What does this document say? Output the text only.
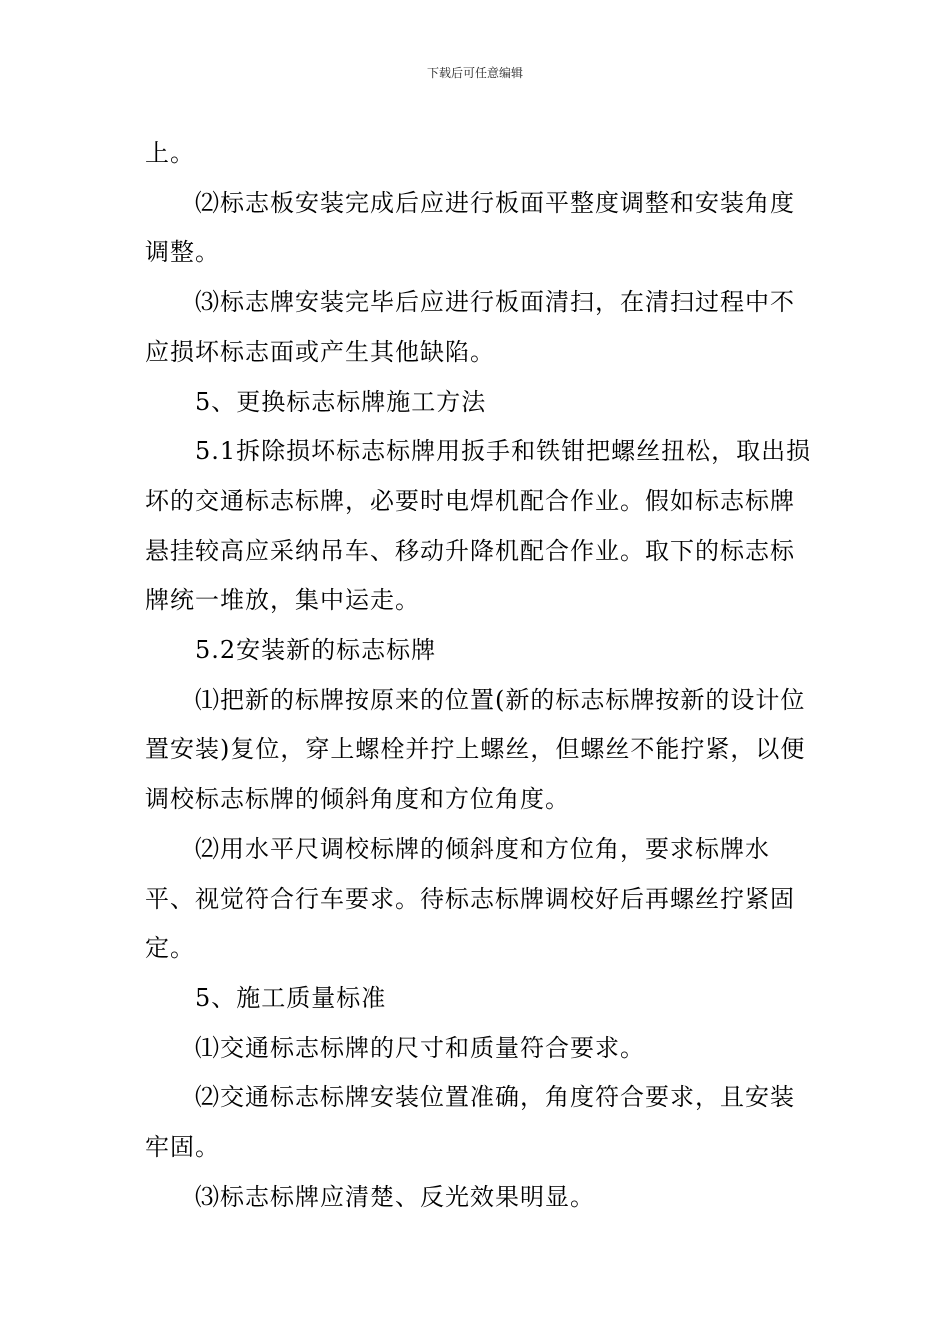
下载后可任意编辑

上。

⑵标志板安装完成后应进行板面平整度调整和安装角度调整。

⑶标志牌安装完毕后应进行板面清扫，在清扫过程中不应损坏标志面或产生其他缺陷。

5、更换标志标牌施工方法

5.1拆除损坏标志标牌用扳手和铁钳把螺丝扭松，取出损坏的交通标志标牌，必要时电焊机配合作业。假如标志标牌悬挂较高应采纳吊车、移动升降机配合作业。取下的标志标牌统一堆放，集中运走。

5.2安装新的标志标牌

⑴把新的标牌按原来的位置(新的标志标牌按新的设计位置安装)复位，穿上螺栓并拧上螺丝，但螺丝不能拧紧，以便调校标志标牌的倾斜角度和方位角度。

⑵用水平尺调校标牌的倾斜度和方位角，要求标牌水平、视觉符合行车要求。待标志标牌调校好后再螺丝拧紧固定。

5、施工质量标准

⑴交通标志标牌的尺寸和质量符合要求。

⑵交通标志标牌安装位置准确，角度符合要求，且安装牢固。

⑶标志标牌应清楚、反光效果明显。
